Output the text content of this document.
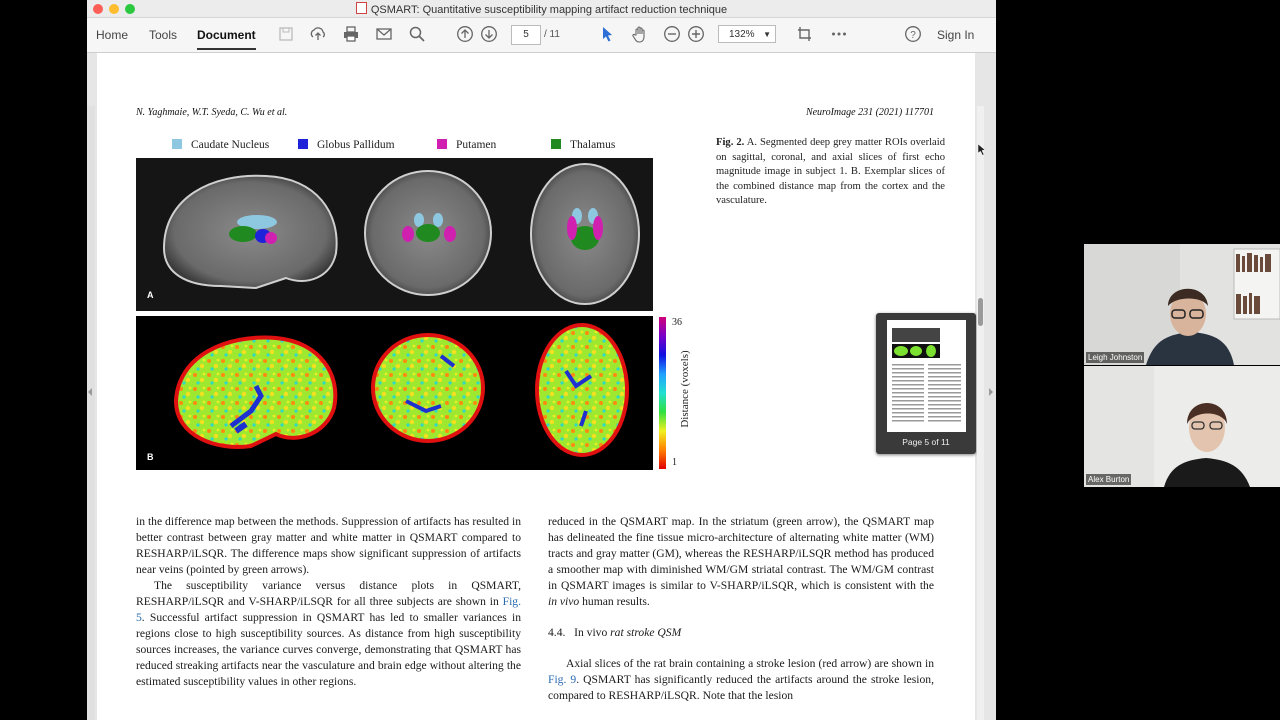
QSMART: Quantitative susceptibility mapping artifact reduction technique
Home Tools Document	5	/ 11	132% ▼	? Sign In
N. Yaghmaie, W.T. Syeda, C. Wu et al.	NeuroImage 231 (2021) 117701
Caudate Nucleus	Globus Pallidum	Putamen	Thalamus
A
B
36
1
Distance (voxels)
Fig. 2. A. Segmented deep grey matter ROIs overlaid on sagittal, coronal, and axial slices of first echo magnitude image in subject 1. B. Exemplar slices of the combined distance map from the cortex and the vasculature.

in the difference map between the methods. Suppression of artifacts has resulted in better contrast between gray matter and white matter in QSMART compared to RESHARP/iLSQR. The difference maps show significant suppression of artifacts near veins (pointed by green arrows).

The susceptibility variance versus distance plots in QSMART, RESHARP/iLSQR and V-SHARP/iLSQR for all three subjects are shown in Fig. 5. Successful artifact suppression in QSMART has led to smaller variances in regions close to high susceptibility sources. As distance from high susceptibility sources increases, the variance curves converge, demonstrating that QSMART has reduced streaking artifacts near the vasculature and brain edge without altering the estimated susceptibility values in other regions.

reduced in the QSMART map. In the striatum (green arrow), the QSMART map has delineated the fine tissue micro-architecture of alternating white matter (WM) tracts and gray matter (GM), whereas the RESHARP/iLSQR method has produced a smoother map with diminished WM/GM striatal contrast. The WM/GM contrast in QSMART images is similar to V-SHARP/iLSQR, which is consistent with the in vivo human results.

4.4. In vivo rat stroke QSM

Axial slices of the rat brain containing a stroke lesion (red arrow) are shown in Fig. 9. QSMART has significantly reduced the artifacts around the stroke lesion, compared to RESHARP/iLSQR. Note that the lesion

Page 5 of 11
Leigh Johnston
Alex Burton
